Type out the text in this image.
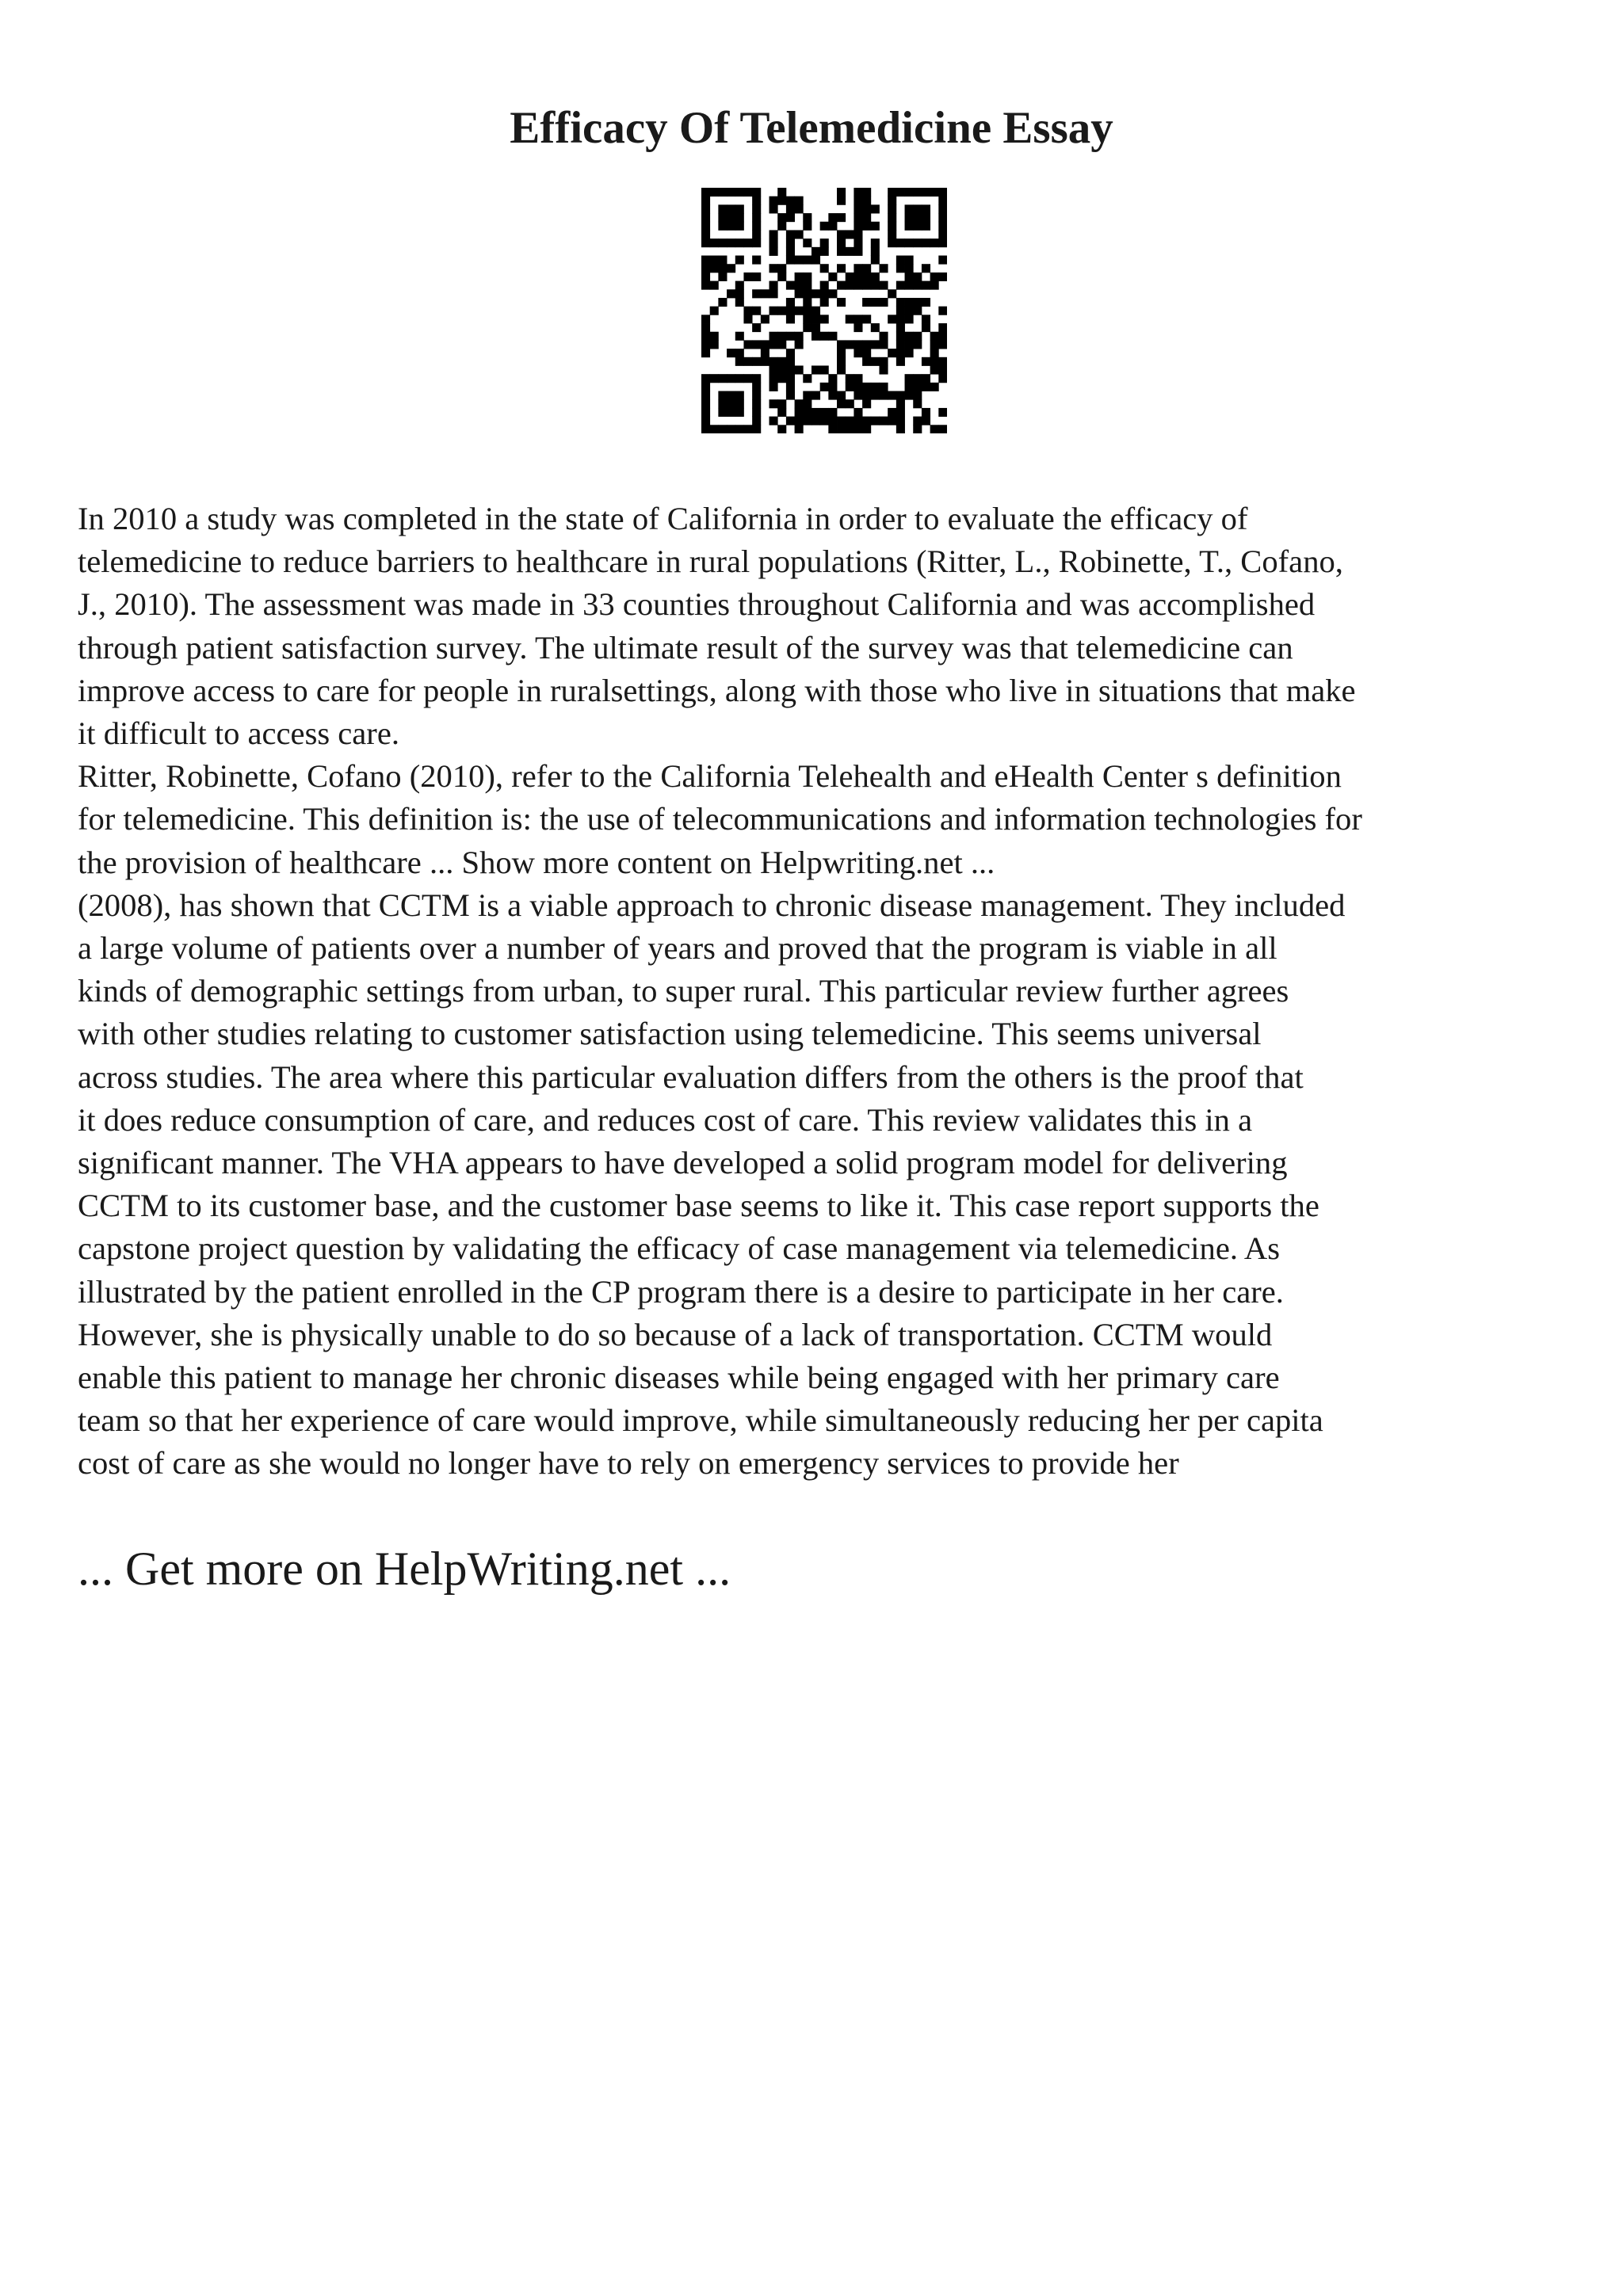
Efficacy Of Telemedicine Essay
In 2010 a study was completed in the state of California in order to evaluate the efficacy of
telemedicine to reduce barriers to healthcare in rural populations (Ritter, L., Robinette, T., Cofano,
J., 2010). The assessment was made in 33 counties throughout California and was accomplished
through patient satisfaction survey. The ultimate result of the survey was that telemedicine can
improve access to care for people in ruralsettings, along with those who live in situations that make
it difficult to access care.
Ritter, Robinette, Cofano (2010), refer to the California Telehealth and eHealth Center s definition
for telemedicine. This definition is: the use of telecommunications and information technologies for
the provision of healthcare ... Show more content on Helpwriting.net ...
(2008), has shown that CCTM is a viable approach to chronic disease management. They included
a large volume of patients over a number of years and proved that the program is viable in all
kinds of demographic settings from urban, to super rural. This particular review further agrees
with other studies relating to customer satisfaction using telemedicine. This seems universal
across studies. The area where this particular evaluation differs from the others is the proof that
it does reduce consumption of care, and reduces cost of care. This review validates this in a
significant manner. The VHA appears to have developed a solid program model for delivering
CCTM to its customer base, and the customer base seems to like it. This case report supports the
capstone project question by validating the efficacy of case management via telemedicine. As
illustrated by the patient enrolled in the CP program there is a desire to participate in her care.
However, she is physically unable to do so because of a lack of transportation. CCTM would
enable this patient to manage her chronic diseases while being engaged with her primary care
team so that her experience of care would improve, while simultaneously reducing her per capita
cost of care as she would no longer have to rely on emergency services to provide her
... Get more on HelpWriting.net ...
